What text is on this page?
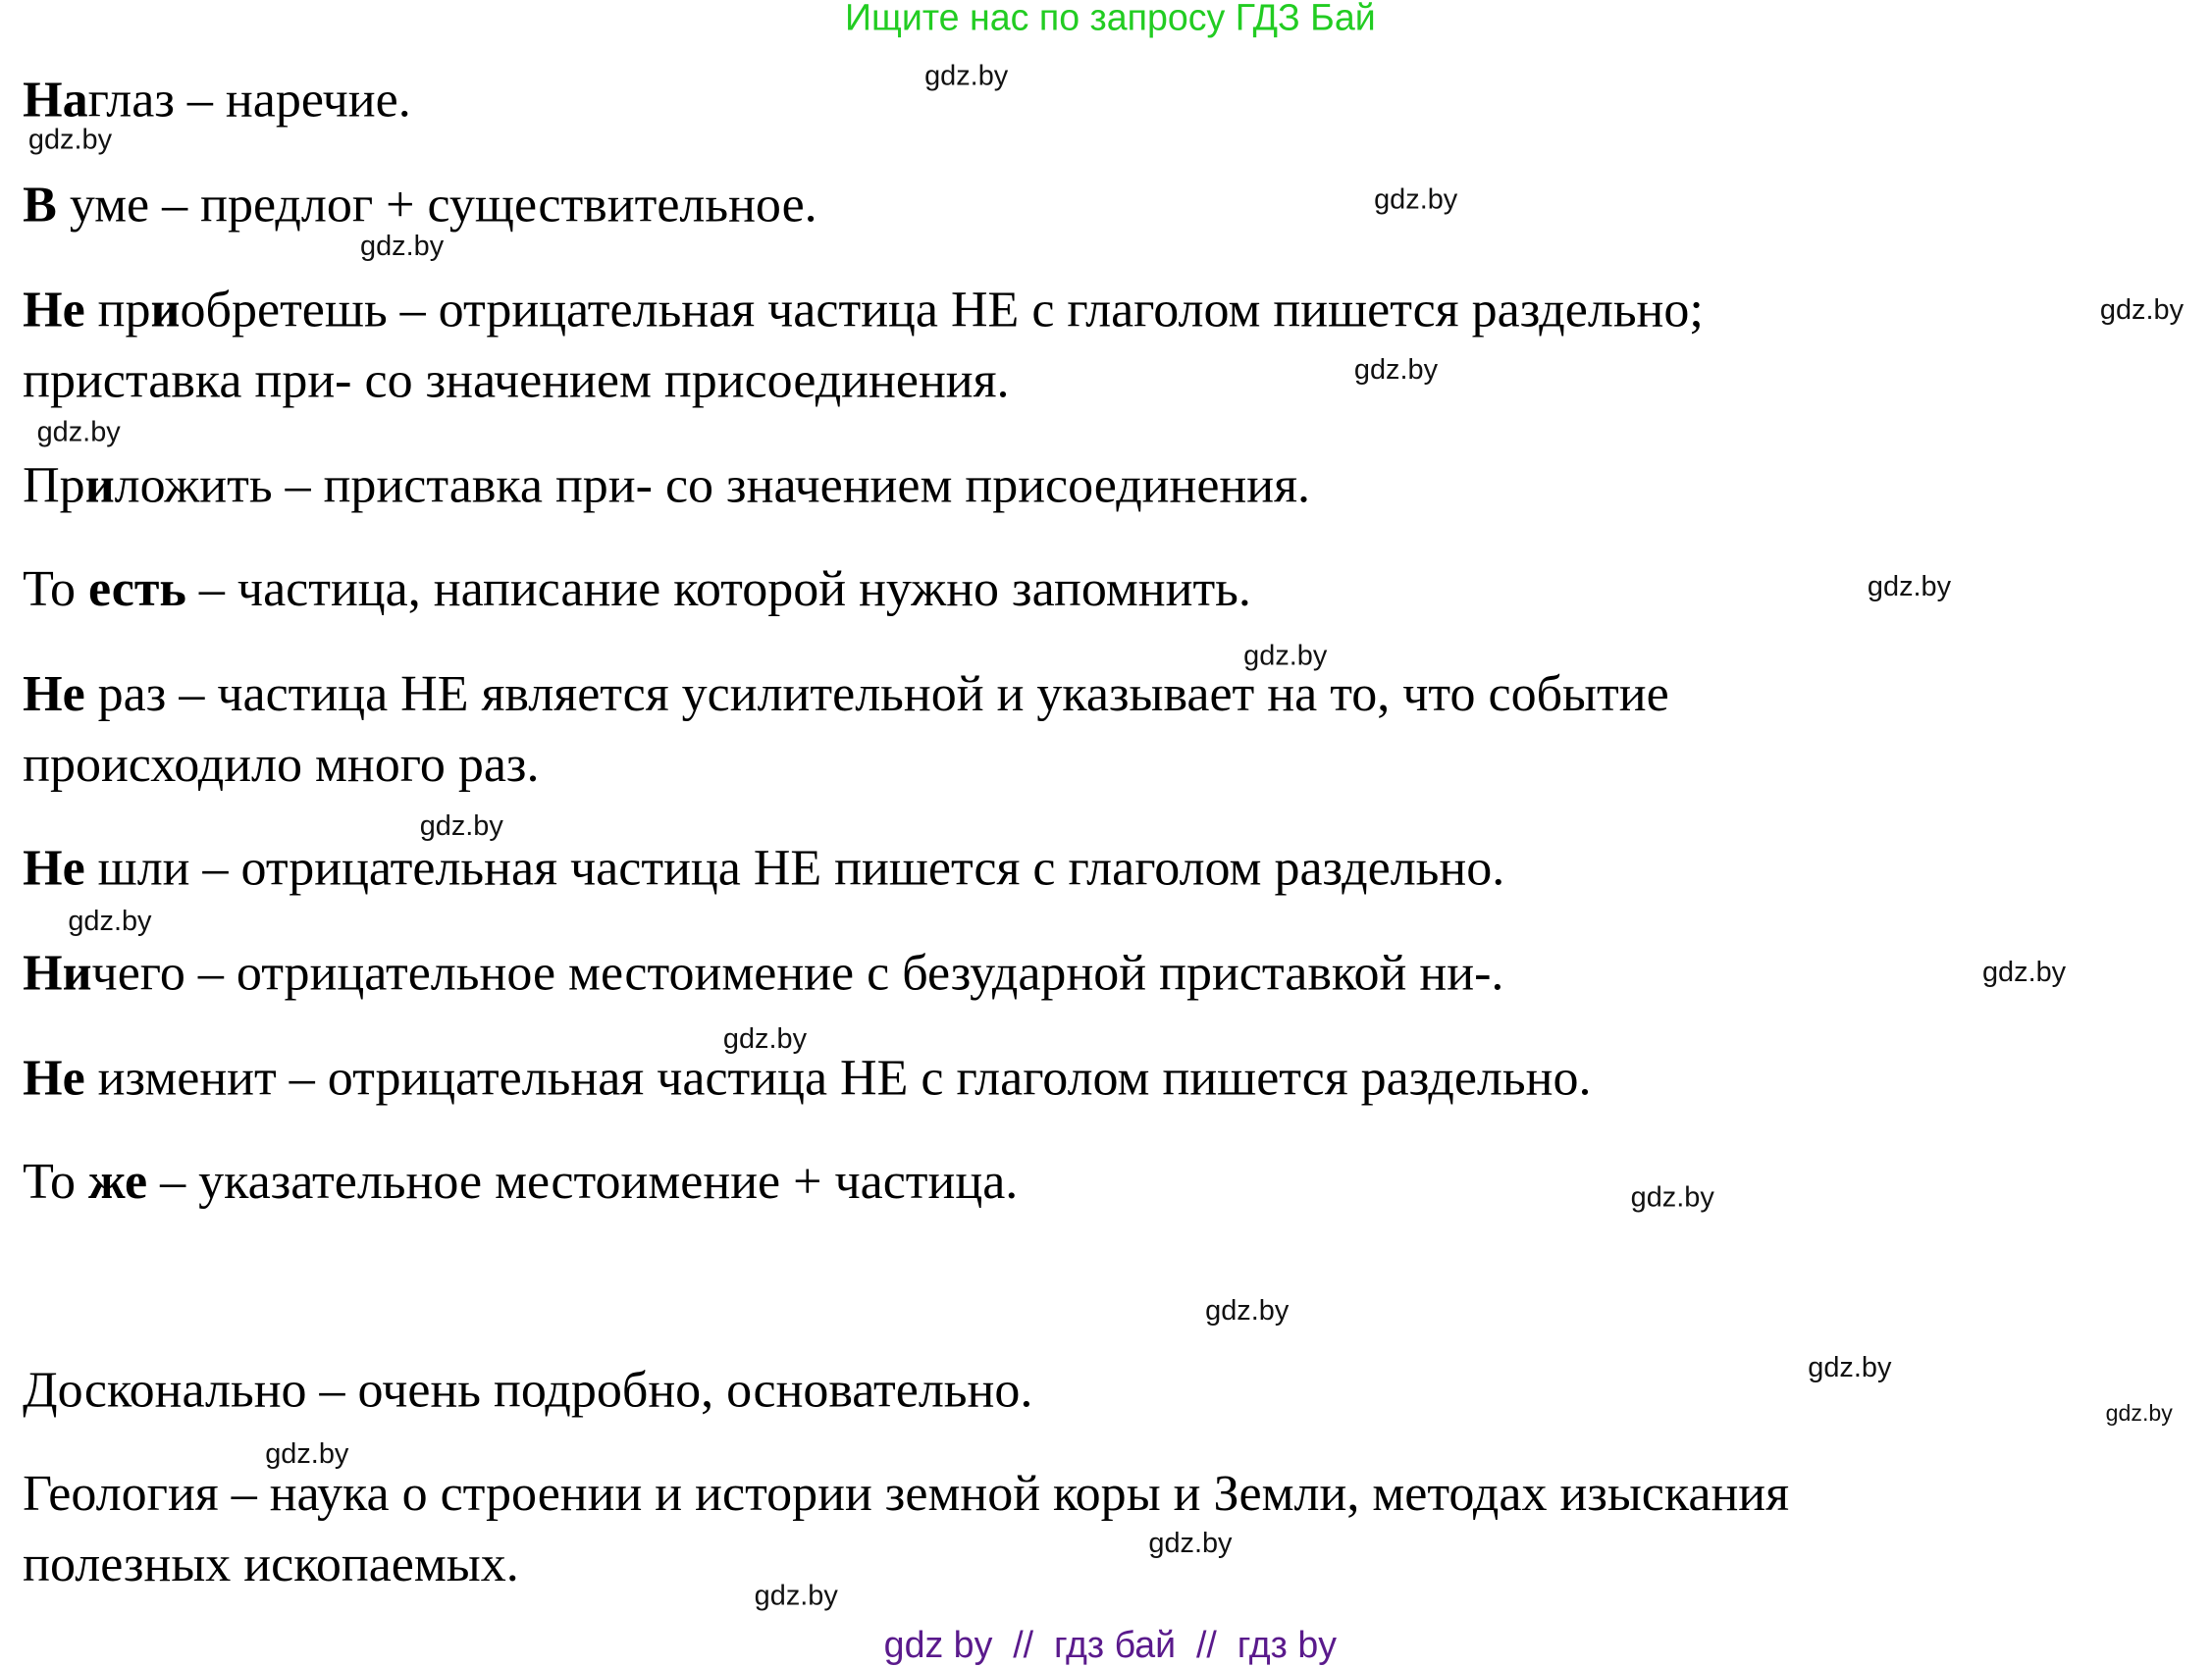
Ищите нас по запросу ГДЗ Бай
Наглаз – наречие.
В уме – предлог + существительное.
Не приобретешь – отрицательная частица НЕ с глаголом пишется раздельно;
приставка при- со значением присоединения.
Приложить – приставка при- со значением присоединения.
То есть – частица, написание которой нужно запомнить.
Не раз – частица НЕ является усилительной и указывает на то, что событие
происходило много раз.
Не шли – отрицательная частица НЕ пишется с глаголом раздельно.
Ничего – отрицательное местоимение с безударной приставкой ни-.
Не изменит – отрицательная частица НЕ с глаголом пишется раздельно.
То же – указательное местоимение + частица.
Досконально – очень подробно, основательно.
Геология – наука о строении и истории земной коры и Земли, методах изыскания
полезных ископаемых.
gdz.by
gdz.by
gdz.by
gdz.by
gdz.by
gdz.by
gdz.by
gdz.by
gdz.by
gdz.by
gdz.by
gdz.by
gdz.by
gdz.by
gdz.by
gdz.by
gdz.by
gdz.by
gdz.by
gdz.by
gdz by  //  гдз бай  //  гдз by
